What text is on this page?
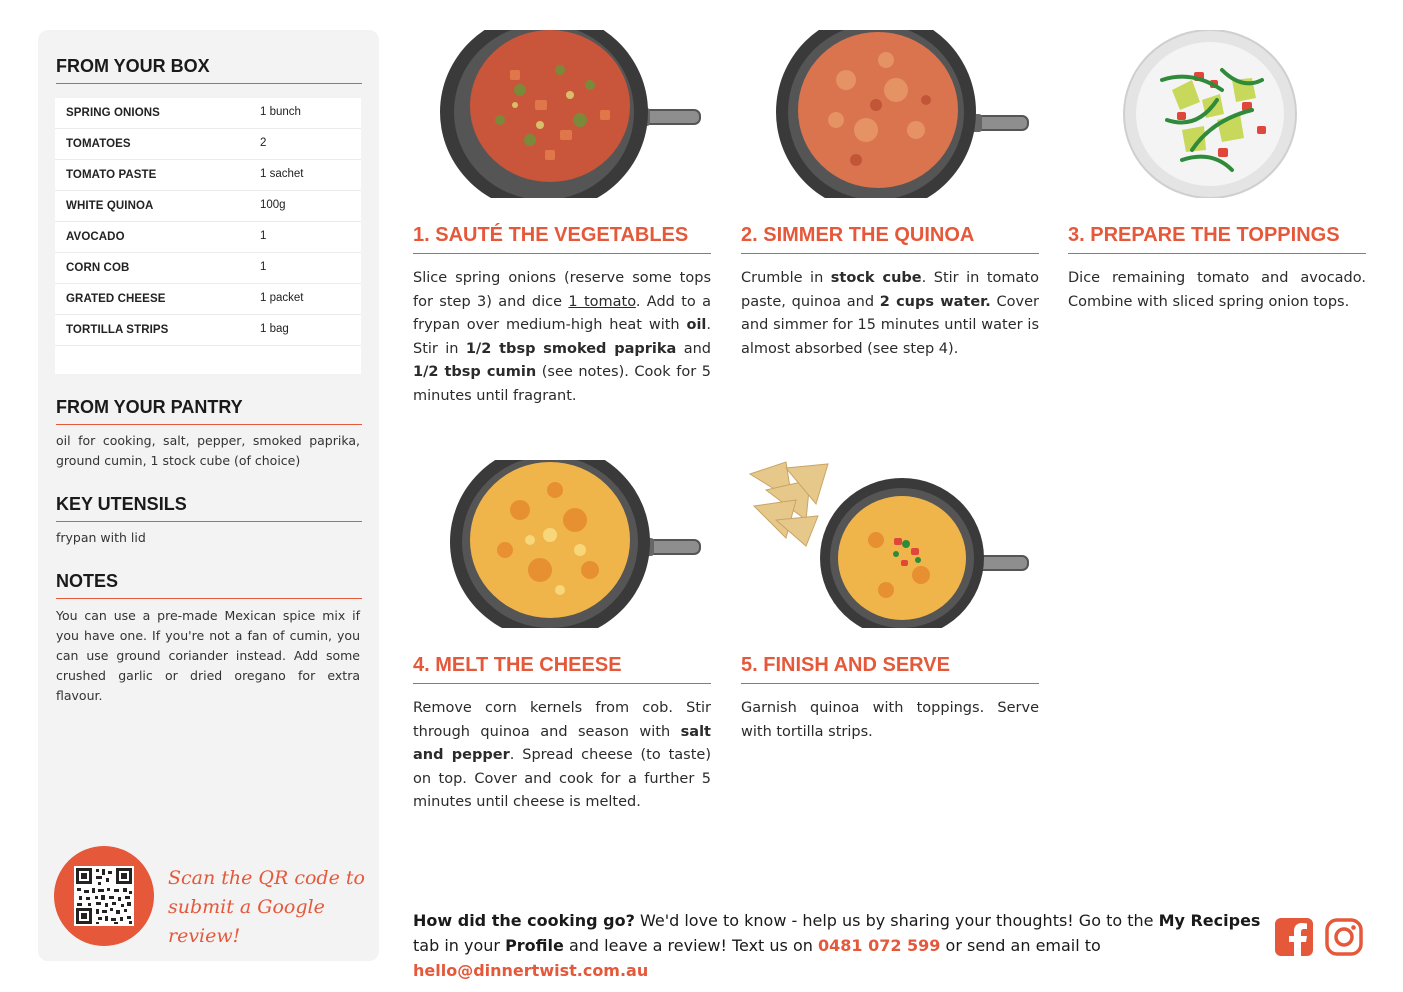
FROM YOUR BOX
SPRING ONIONS	1 bunch
TOMATOES	2
TOMATO PASTE	1 sachet
WHITE QUINOA	100g
AVOCADO	1
CORN COB	1
GRATED CHEESE	1 packet
TORTILLA STRIPS	1 bag
FROM YOUR PANTRY
oil for cooking, salt, pepper, smoked paprika, ground cumin, 1 stock cube (of choice)
KEY UTENSILS
frypan with lid
NOTES
You can use a pre-made Mexican spice mix if you have one. If you're not a fan of cumin, you can use ground coriander instead. Add some crushed garlic or dried oregano for extra flavour.
Scan the QR code to
submit a Google review!
1. SAUTÉ THE VEGETABLES	2. SIMMER THE QUINOA	3. PREPARE THE TOPPINGS
4. MELT THE CHEESE	5. FINISH AND SERVE
Slice spring onions (reserve some tops for step 3) and dice 1 tomato. Add to a frypan over medium-high heat with oil. Stir in 1/2 tbsp smoked paprika and 1/2 tbsp cumin (see notes). Cook for 5 minutes until fragrant.
Crumble in stock cube. Stir in tomato paste, quinoa and 2 cups water. Cover and simmer for 15 minutes until water is almost absorbed (see step 4).
Dice remaining tomato and avocado. Combine with sliced spring onion tops.
Remove corn kernels from cob. Stir through quinoa and season with salt and pepper. Spread cheese (to taste) on top. Cover and cook for a further 5 minutes until cheese is melted.
Garnish quinoa with toppings. Serve with tortilla strips.
How did the cooking go? We'd love to know - help us by sharing your thoughts! Go to the My Recipes tab in your Profile and leave a review! Text us on 0481 072 599 or send an email to hello@dinnertwist.com.au
